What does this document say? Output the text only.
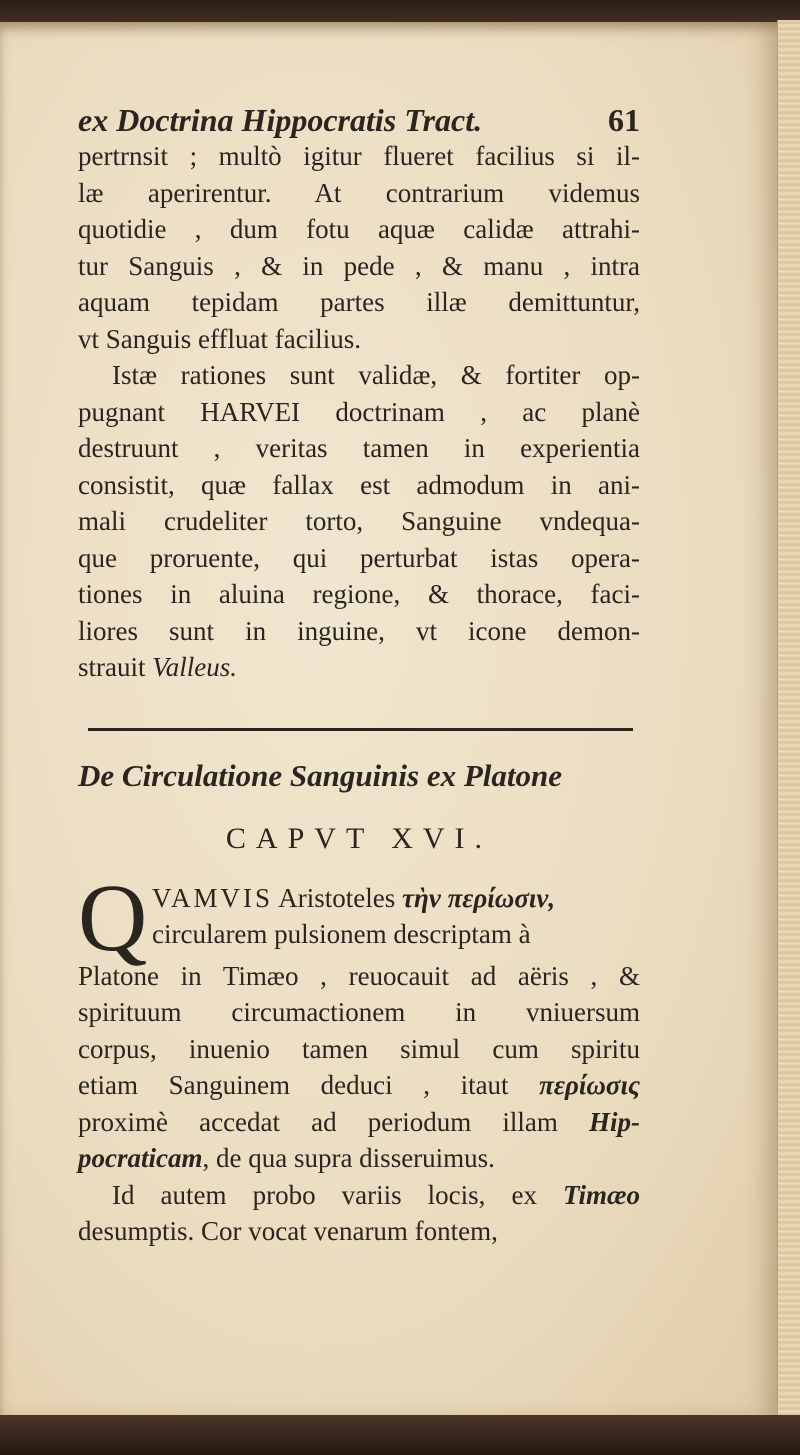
ex Doctrina Hippocratis Tract.	61
pertrnsit ; multò igitur flueret facilius si il-
læ aperirentur. At contrarium videmus
quotidie , dum fotu aquæ calidæ attrahi-
tur Sanguis , & in pede , & manu , intra
aquam tepidam partes illæ demittuntur,
vt Sanguis effluat facilius.
Istæ rationes sunt validæ, & fortiter op-
pugnant HARVEI doctrinam , ac planè
destruunt , veritas tamen in experientia
consistit, quæ fallax est admodum in ani-
mali crudeliter torto, Sanguine vndequa-
que proruente, qui perturbat istas opera-
tiones in aluina regione, & thorace, faci-
liores sunt in inguine, vt icone demon-
strauit Valleus.
De Circulatione Sanguinis ex Platone
CAPVT XVI.
Q VAMVIS Aristoteles τὴν περίωσιν,
circularem pulsionem descriptam à
Platone in Timæo , reuocauit ad aëris , &
spirituum circumactionem in vniuersum
corpus, inuenio tamen simul cum spiritu
etiam Sanguinem deduci , itaut περίωσις
proximè accedat ad periodum illam Hip-
pocraticam, de qua supra disseruimus.
Id autem probo variis locis, ex Timæo
desumptis. Cor vocat venarum fontem,
